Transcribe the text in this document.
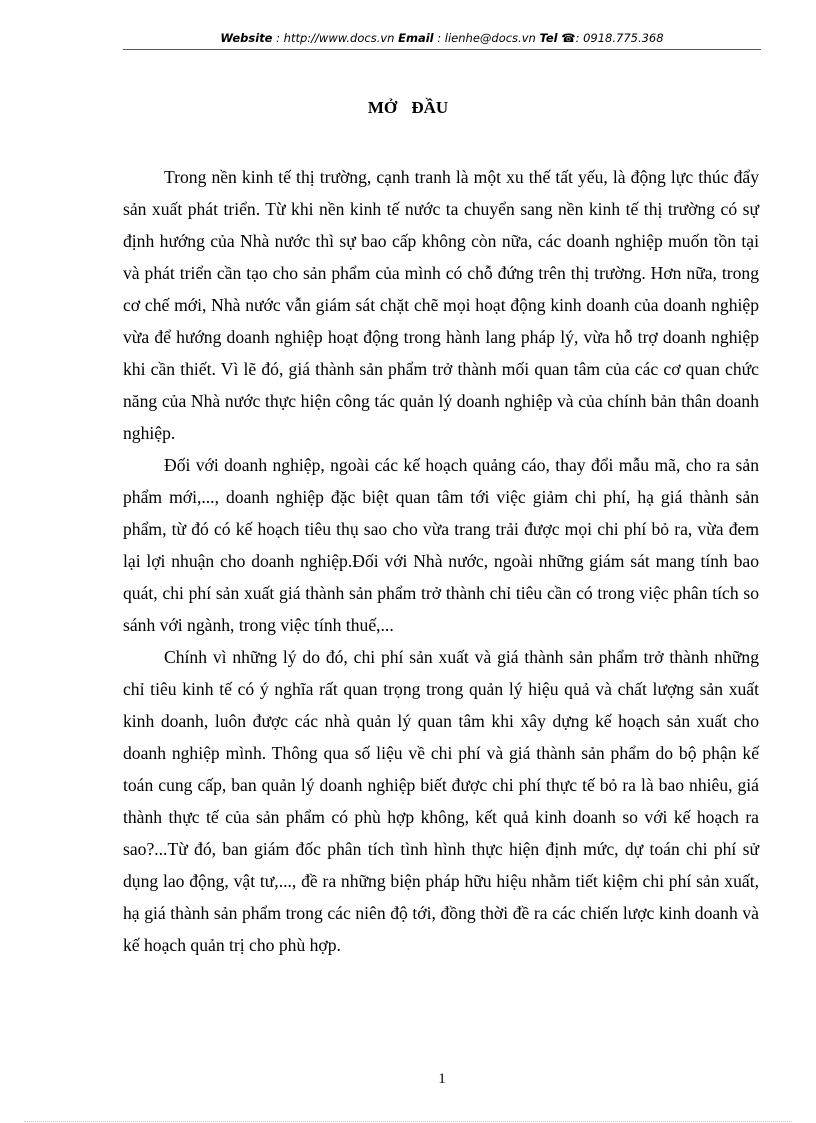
Website : http://www.docs.vn Email : lienhe@docs.vn Tel ☎: 0918.775.368
MỞ ĐẦU

Trong nền kinh tế thị trường, cạnh tranh là một xu thế tất yếu, là động lực thúc đẩy sản xuất phát triển. Từ khi nền kinh tế nước ta chuyển sang nền kinh tế thị trường có sự định hướng của Nhà nước thì sự bao cấp không còn nữa, các doanh nghiệp muốn tồn tại và phát triển cần tạo cho sản phẩm của mình có chỗ đứng trên thị trường. Hơn nữa, trong cơ chế mới, Nhà nước vẫn giám sát chặt chẽ mọi hoạt động kinh doanh của doanh nghiệp vừa để hướng doanh nghiệp hoạt động trong hành lang pháp lý, vừa hỗ trợ doanh nghiệp khi cần thiết. Vì lẽ đó, giá thành sản phẩm trở thành mối quan tâm của các cơ quan chức năng của Nhà nước thực hiện công tác quản lý doanh nghiệp và của chính bản thân doanh nghiệp.

Đối với doanh nghiệp, ngoài các kế hoạch quảng cáo, thay đổi mẫu mã, cho ra sản phẩm mới,..., doanh nghiệp đặc biệt quan tâm tới việc giảm chi phí, hạ giá thành sản phẩm, từ đó có kế hoạch tiêu thụ sao cho vừa trang trải được mọi chi phí bỏ ra, vừa đem lại lợi nhuận cho doanh nghiệp.Đối với Nhà nước, ngoài những giám sát mang tính bao quát, chi phí sản xuất giá thành sản phẩm trở thành chỉ tiêu cần có trong việc phân tích so sánh với ngành, trong việc tính thuế,...

Chính vì những lý do đó, chi phí sản xuất và giá thành sản phẩm trở thành những chỉ tiêu kinh tế có ý nghĩa rất quan trọng trong quản lý hiệu quả và chất lượng sản xuất kinh doanh, luôn được các nhà quản lý quan tâm khi xây dựng kế hoạch sản xuất cho doanh nghiệp mình. Thông qua số liệu về chi phí và giá thành sản phẩm do bộ phận kế toán cung cấp, ban quản lý doanh nghiệp biết được chi phí thực tế bỏ ra là bao nhiêu, giá thành thực tế của sản phẩm có phù hợp không, kết quả kinh doanh so với kế hoạch ra sao?...Từ đó, ban giám đốc phân tích tình hình thực hiện định mức, dự toán chi phí sử dụng lao động, vật tư,..., đề ra những biện pháp hữu hiệu nhằm tiết kiệm chi phí sản xuất, hạ giá thành sản phẩm trong các niên độ tới, đồng thời đề ra các chiến lược kinh doanh và kế hoạch quản trị cho phù hợp.

1
